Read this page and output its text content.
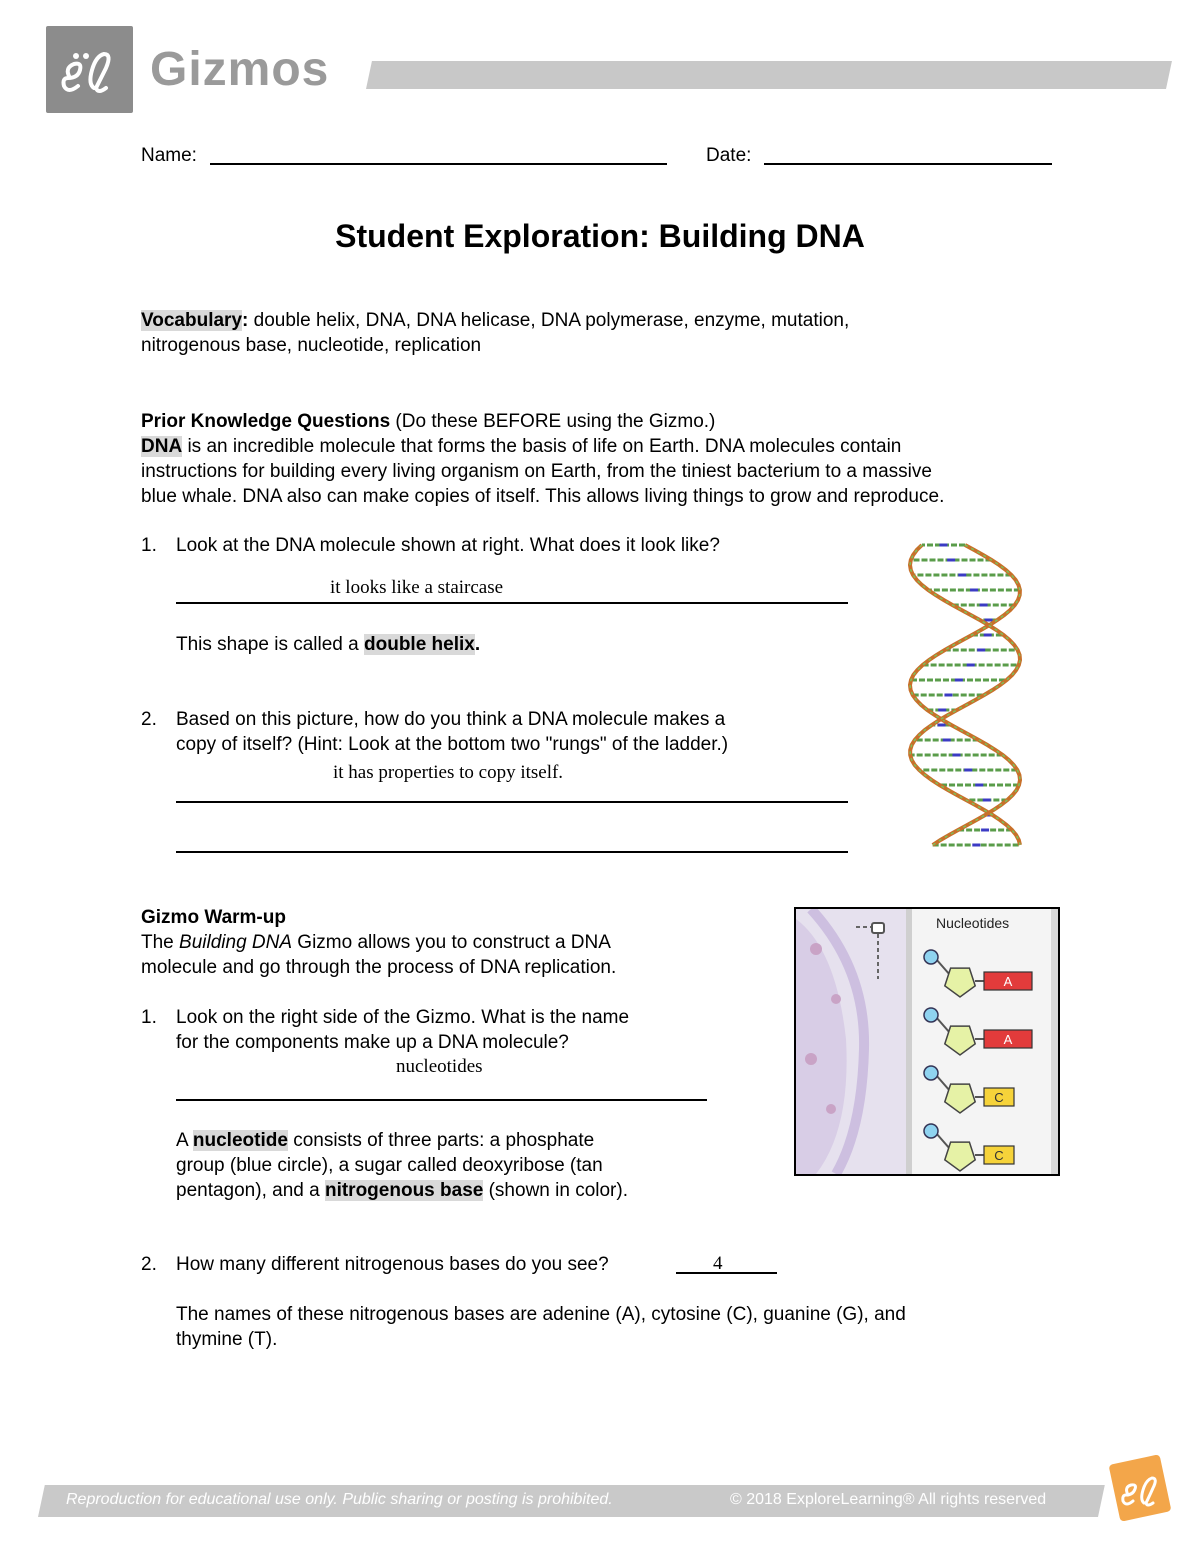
Gizmos
Name:	Date:
Student Exploration: Building DNA
Vocabulary: double helix, DNA, DNA helicase, DNA polymerase, enzyme, mutation,
nitrogenous base, nucleotide, replication
Prior Knowledge Questions (Do these BEFORE using the Gizmo.)
DNA is an incredible molecule that forms the basis of life on Earth. DNA molecules contain
instructions for building every living organism on Earth, from the tiniest bacterium to a massive
blue whale. DNA also can make copies of itself. This allows living things to grow and reproduce.
1. Look at the DNA molecule shown at right. What does it look like?
it looks like a staircase
This shape is called a double helix.
2. Based on this picture, how do you think a DNA molecule makes a
copy of itself? (Hint: Look at the bottom two "rungs" of the ladder.)
it has properties to copy itself.
Gizmo Warm-up
The Building DNA Gizmo allows you to construct a DNA
molecule and go through the process of DNA replication.
1. Look on the right side of the Gizmo. What is the name
for the components make up a DNA molecule?
nucleotides
A nucleotide consists of three parts: a phosphate
group (blue circle), a sugar called deoxyribose (tan
pentagon), and a nitrogenous base (shown in color).
2. How many different nitrogenous bases do you see?	4
The names of these nitrogenous bases are adenine (A), cytosine (C), guanine (G), and
thymine (T).
Nucleotides
A
A
C
C
Reproduction for educational use only. Public sharing or posting is prohibited.	© 2018 ExploreLearning® All rights reserved
